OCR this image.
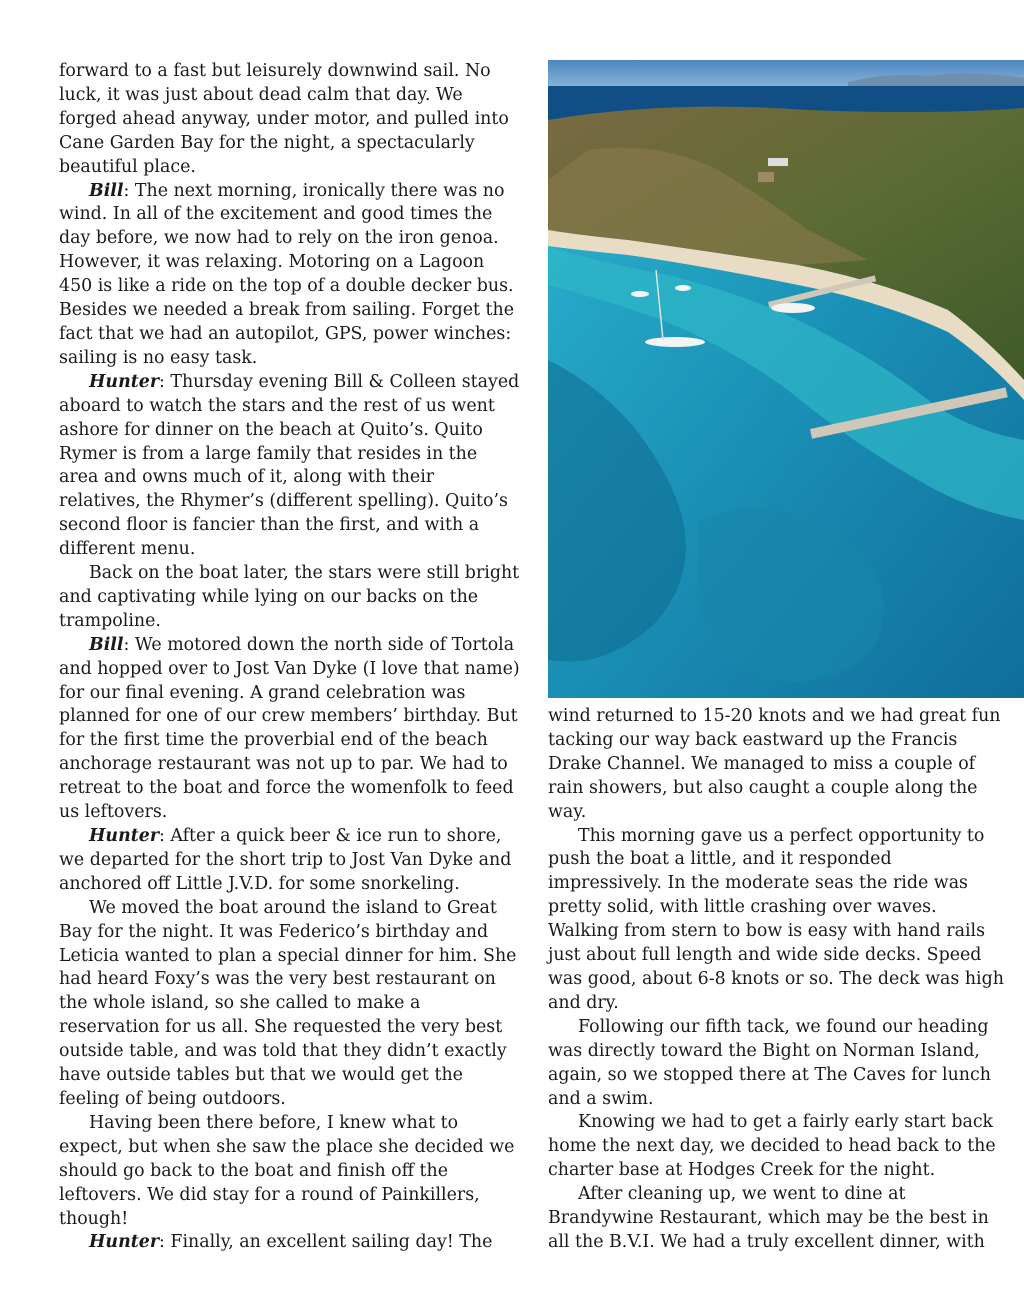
forward to a fast but leisurely downwind sail. No luck, it was just about dead calm that day. We forged ahead anyway, under motor, and pulled into Cane Garden Bay for the night, a spectacularly beautiful place.

Bill: The next morning, ironically there was no wind. In all of the excitement and good times the day before, we now had to rely on the iron genoa. However, it was relaxing. Motoring on a Lagoon 450 is like a ride on the top of a double decker bus. Besides we needed a break from sailing. Forget the fact that we had an autopilot, GPS, power winches: sailing is no easy task.

Hunter: Thursday evening Bill & Colleen stayed aboard to watch the stars and the rest of us went ashore for dinner on the beach at Quito’s. Quito Rymer is from a large family that resides in the area and owns much of it, along with their relatives, the Rhymer’s (different spelling). Quito’s second floor is fancier than the first, and with a different menu.

Back on the boat later, the stars were still bright and captivating while lying on our backs on the trampoline.

Bill: We motored down the north side of Tortola and hopped over to Jost Van Dyke (I love that name) for our final evening. A grand celebration was planned for one of our crew members’ birthday. But for the first time the proverbial end of the beach anchorage restaurant was not up to par. We had to retreat to the boat and force the womenfolk to feed us leftovers.

Hunter: After a quick beer & ice run to shore, we departed for the short trip to Jost Van Dyke and anchored off Little J.V.D. for some snorkeling.

We moved the boat around the island to Great Bay for the night. It was Federico’s birthday and Leticia wanted to plan a special dinner for him. She had heard Foxy’s was the very best restaurant on the whole island, so she called to make a reservation for us all. She requested the very best outside table, and was told that they didn’t exactly have outside tables but that we would get the feeling of being outdoors.

Having been there before, I knew what to expect, but when she saw the place she decided we should go back to the boat and finish off the leftovers. We did stay for a round of Painkillers, though!

Hunter: Finally, an excellent sailing day! The

wind returned to 15-20 knots and we had great fun tacking our way back eastward up the Francis Drake Channel. We managed to miss a couple of rain showers, but also caught a couple along the way.

This morning gave us a perfect opportunity to push the boat a little, and it responded impressively. In the moderate seas the ride was pretty solid, with little crashing over waves. Walking from stern to bow is easy with hand rails just about full length and wide side decks. Speed was good, about 6-8 knots or so. The deck was high and dry.

Following our fifth tack, we found our heading was directly toward the Bight on Norman Island, again, so we stopped there at The Caves for lunch and a swim.

Knowing we had to get a fairly early start back home the next day, we decided to head back to the charter base at Hodges Creek for the night.

After cleaning up, we went to dine at Brandywine Restaurant, which may be the best in all the B.V.I. We had a truly excellent dinner, with
